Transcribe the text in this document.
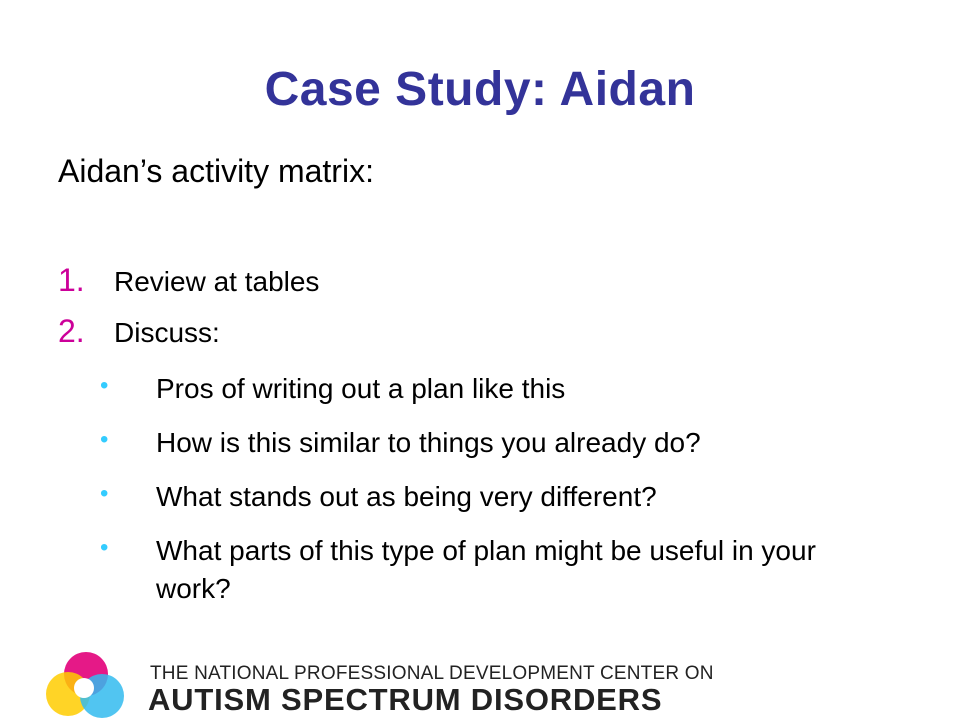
Case Study: Aidan
Aidan’s activity matrix:
1. Review at tables
2. Discuss:
• Pros of writing out a plan like this
• How is this similar to things you already do?
• What stands out as being very different?
• What parts of this type of plan might be useful in your work?
THE NATIONAL PROFESSIONAL DEVELOPMENT CENTER ON
AUTISM SPECTRUM DISORDERS
